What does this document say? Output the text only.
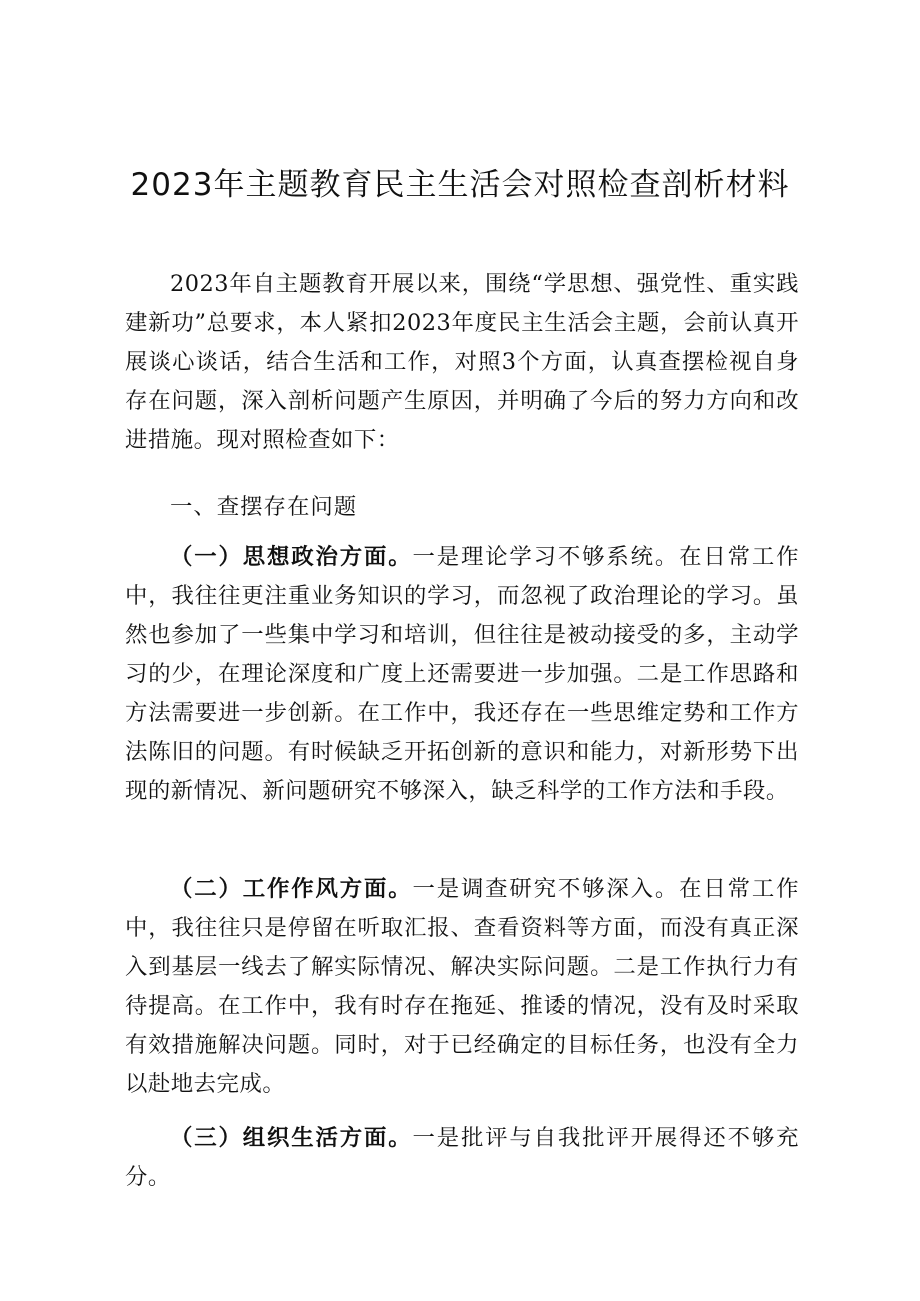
2023年主题教育民主生活会对照检查剖析材料

2023年自主题教育开展以来，围绕“学思想、强党性、重实践建新功”总要求，本人紧扣2023年度民主生活会主题，会前认真开展谈心谈话，结合生活和工作，对照3个方面，认真查摆检视自身存在问题，深入剖析问题产生原因，并明确了今后的努力方向和改进措施。现对照检查如下：

一、查摆存在问题

（一）思想政治方面。一是理论学习不够系统。在日常工作中，我往往更注重业务知识的学习，而忽视了政治理论的学习。虽然也参加了一些集中学习和培训，但往往是被动接受的多，主动学习的少，在理论深度和广度上还需要进一步加强。二是工作思路和方法需要进一步创新。在工作中，我还存在一些思维定势和工作方法陈旧的问题。有时候缺乏开拓创新的意识和能力，对新形势下出现的新情况、新问题研究不够深入，缺乏科学的工作方法和手段。

（二）工作作风方面。一是调查研究不够深入。在日常工作中，我往往只是停留在听取汇报、查看资料等方面，而没有真正深入到基层一线去了解实际情况、解决实际问题。二是工作执行力有待提高。在工作中，我有时存在拖延、推诿的情况，没有及时采取有效措施解决问题。同时，对于已经确定的目标任务，也没有全力以赴地去完成。

（三）组织生活方面。一是批评与自我批评开展得还不够充分。
